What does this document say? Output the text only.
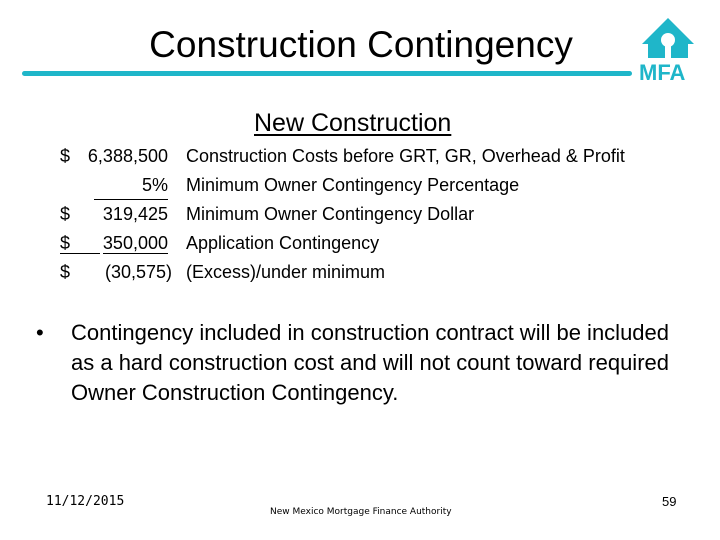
Construction Contingency
MFA
New Construction
$ 6,388,500 Construction Costs before GRT, GR, Overhead & Profit
5% Minimum Owner Contingency Percentage
$	319,425 Minimum Owner Contingency Dollar
$	350,000 Application Contingency
$	(30,575) (Excess)/under minimum
• Contingency included in construction contract will be included as a hard construction cost and will not count toward required Owner Construction Contingency.
11/12/2015
New Mexico Mortgage Finance Authority
59
